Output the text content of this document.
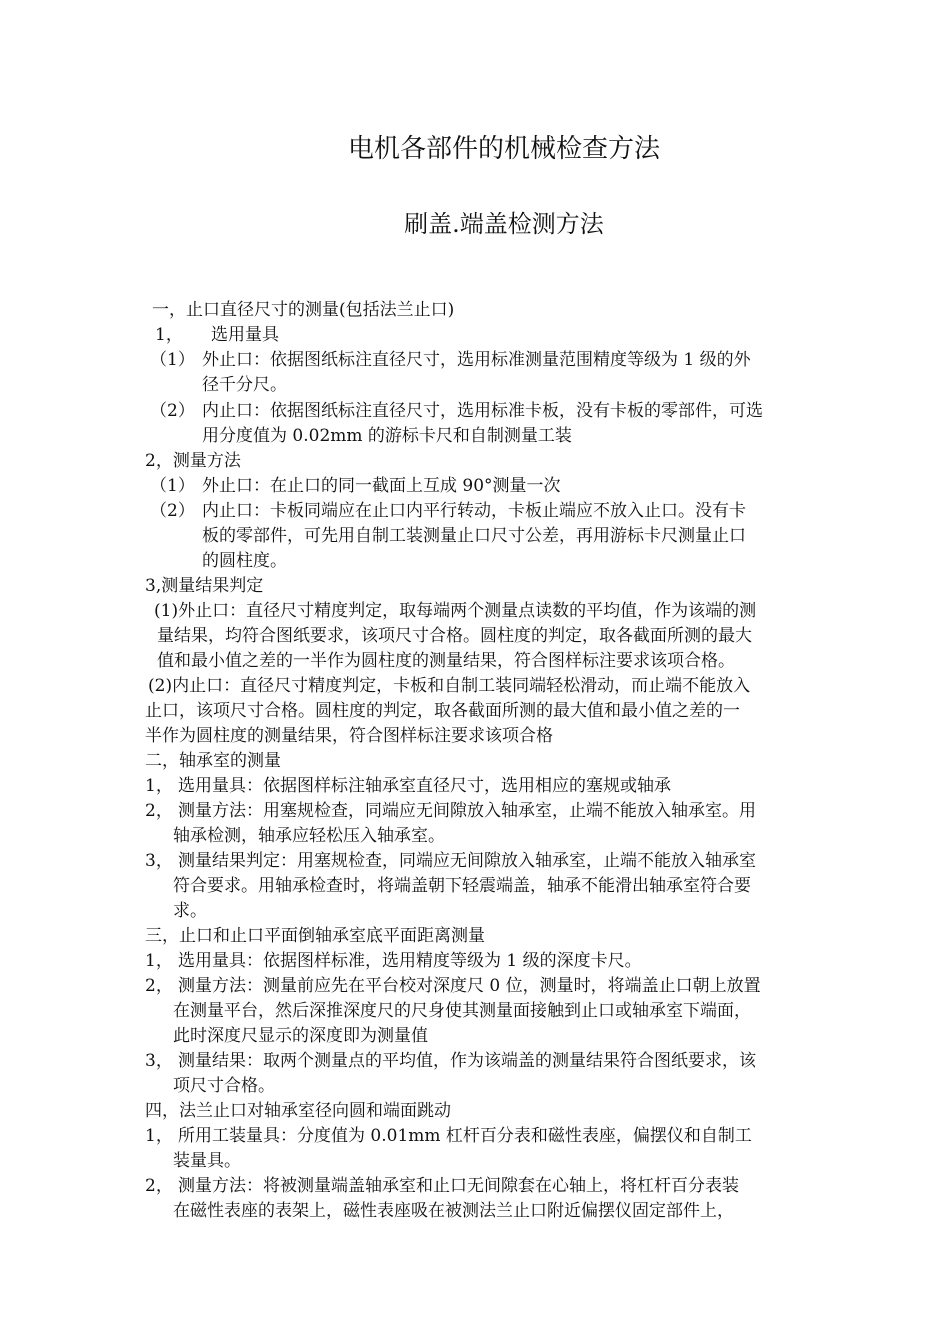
电机各部件的机械检查方法
刷盖.端盖检测方法
一，止口直径尺寸的测量(包括法兰止口)
1， 选用量具
（1） 外止口：依据图纸标注直径尺寸，选用标准测量范围精度等级为 1 级的外
径千分尺。
（2） 内止口：依据图纸标注直径尺寸，选用标准卡板，没有卡板的零部件，可选
用分度值为 0.02mm 的游标卡尺和自制测量工装
2，测量方法
（1） 外止口：在止口的同一截面上互成 90°测量一次
（2） 内止口：卡板同端应在止口内平行转动，卡板止端应不放入止口。没有卡
板的零部件，可先用自制工装测量止口尺寸公差，再用游标卡尺测量止口
的圆柱度。
3,测量结果判定
(1)外止口：直径尺寸精度判定，取每端两个测量点读数的平均值，作为该端的测
量结果，均符合图纸要求，该项尺寸合格。圆柱度的判定，取各截面所测的最大
值和最小值之差的一半作为圆柱度的测量结果，符合图样标注要求该项合格。
(2)内止口：直径尺寸精度判定，卡板和自制工装同端轻松滑动，而止端不能放入
止口，该项尺寸合格。圆柱度的判定，取各截面所测的最大值和最小值之差的一
半作为圆柱度的测量结果，符合图样标注要求该项合格
二，轴承室的测量
1， 选用量具：依据图样标注轴承室直径尺寸，选用相应的塞规或轴承
2， 测量方法：用塞规检查，同端应无间隙放入轴承室，止端不能放入轴承室。用
轴承检测，轴承应轻松压入轴承室。
3， 测量结果判定：用塞规检查，同端应无间隙放入轴承室，止端不能放入轴承室
符合要求。用轴承检查时，将端盖朝下轻震端盖，轴承不能滑出轴承室符合要
求。
三，止口和止口平面倒轴承室底平面距离测量
1， 选用量具：依据图样标准，选用精度等级为 1 级的深度卡尺。
2， 测量方法：测量前应先在平台校对深度尺 0 位，测量时，将端盖止口朝上放置
在测量平台，然后深推深度尺的尺身使其测量面接触到止口或轴承室下端面，
此时深度尺显示的深度即为测量值
3， 测量结果：取两个测量点的平均值，作为该端盖的测量结果符合图纸要求，该
项尺寸合格。
四，法兰止口对轴承室径向圆和端面跳动
1， 所用工装量具：分度值为 0.01mm 杠杆百分表和磁性表座，偏摆仪和自制工
装量具。
2， 测量方法：将被测量端盖轴承室和止口无间隙套在心轴上，将杠杆百分表装
在磁性表座的表架上，磁性表座吸在被测法兰止口附近偏摆仪固定部件上，
